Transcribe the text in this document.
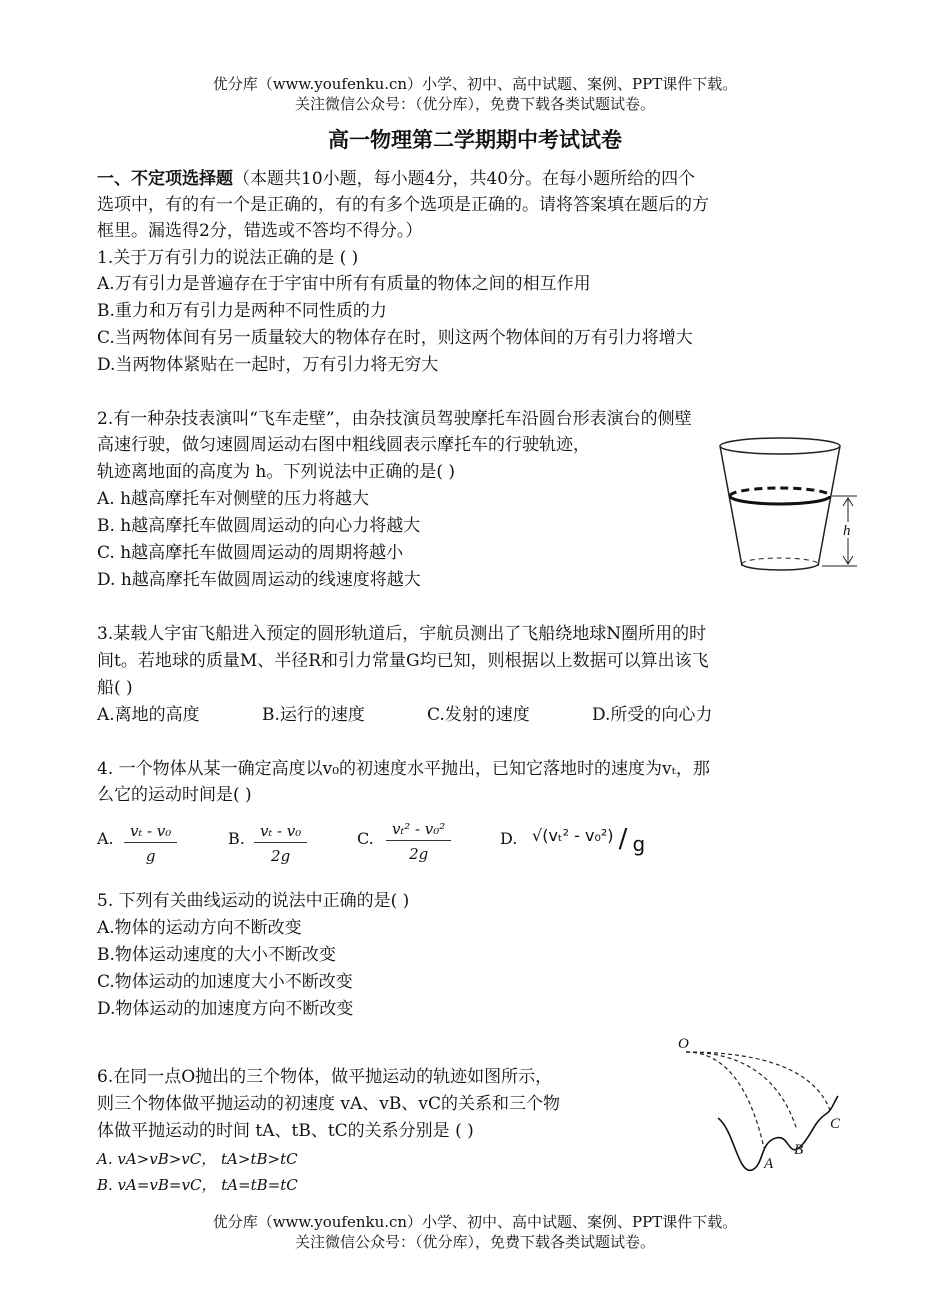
优分库（www.youfenku.cn）小学、初中、高中试题、案例、PPT课件下载。
关注微信公众号：（优分库），免费下载各类试题试卷。
高一物理第二学期期中考试试卷
一、不定项选择题（本题共10小题，每小题4分，共40分。在每小题所给的四个
选项中，有的有一个是正确的，有的有多个选项是正确的。请将答案填在题后的方
框里。漏选得2分，错选或不答均不得分。）
1.关于万有引力的说法正确的是 ( )
A.万有引力是普遍存在于宇宙中所有有质量的物体之间的相互作用
B.重力和万有引力是两种不同性质的力
C.当两物体间有另一质量较大的物体存在时，则这两个物体间的万有引力将增大
D.当两物体紧贴在一起时，万有引力将无穷大
2.有一种杂技表演叫“飞车走壁”，由杂技演员驾驶摩托车沿圆台形表演台的侧壁
高速行驶，做匀速圆周运动右图中粗线圆表示摩托车的行驶轨迹，
轨迹离地面的高度为 h。下列说法中正确的是( )
A. h越高摩托车对侧壁的压力将越大
B. h越高摩托车做圆周运动的向心力将越大
C. h越高摩托车做圆周运动的周期将越小
D. h越高摩托车做圆周运动的线速度将越大
h
3.某载人宇宙飞船进入预定的圆形轨道后，宇航员测出了飞船绕地球N圈所用的时
间t。若地球的质量M、半径R和引力常量G均已知，则根据以上数据可以算出该飞
船( )
A.离地的高度	B.运行的速度	C.发射的速度	D.所受的向心力
4. 一个物体从某一确定高度以v₀的初速度水平抛出，已知它落地时的速度为vₜ，那
么它的运动时间是( )
A. $\frac{\text{vₜ - v₀}}{g}$	B. $\frac{\text{vₜ - v₀}}{2g}$	C. $\frac{\text{vₜ² - v₀²}}{2g}$	D. √(vₜ² - v₀²) ∕ g
5. 下列有关曲线运动的说法中正确的是( )
A.物体的运动方向不断改变
B.物体运动速度的大小不断改变
C.物体运动的加速度大小不断改变
D.物体运动的加速度方向不断改变
6.在同一点O抛出的三个物体，做平抛运动的轨迹如图所示，
则三个物体做平抛运动的初速度 vA、vB、vC的关系和三个物
体做平抛运动的时间 tA、tB、tC的关系分别是 ( )
A. vA>vB>vC， tA>tB>tC
B. vA=vB=vC， tA=tB=tC
O
A
B
C
优分库（www.youfenku.cn）小学、初中、高中试题、案例、PPT课件下载。
关注微信公众号：（优分库），免费下载各类试题试卷。
